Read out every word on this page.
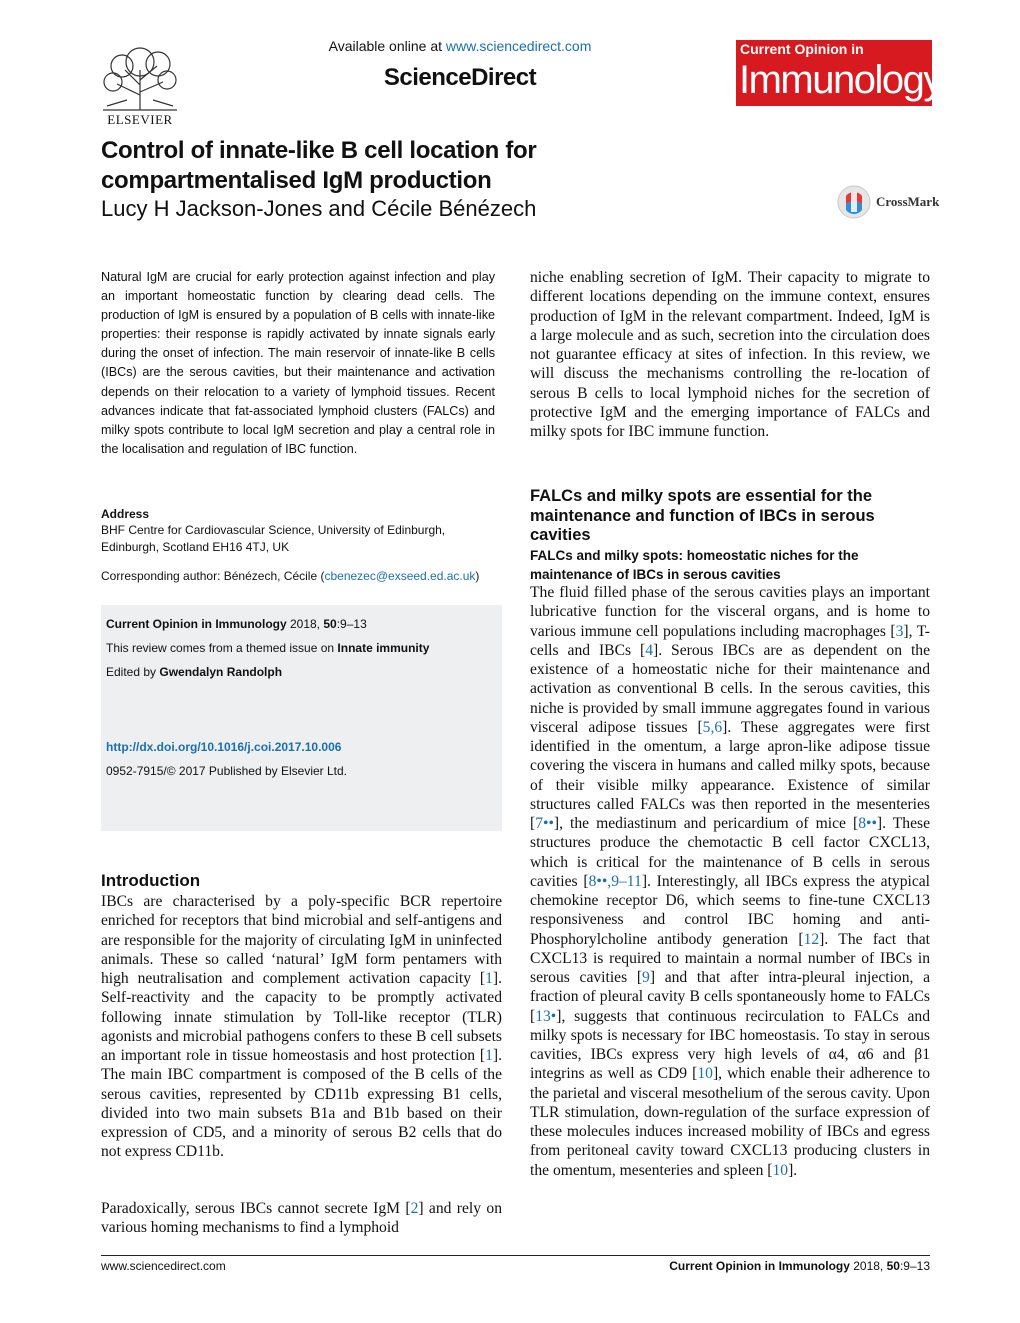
ELSEVIER
Available online at www.sciencedirect.com
ScienceDirect
Current Opinion in
Immunology
Control of innate-like B cell location for compartmentalised IgM production
Lucy H Jackson-Jones and Cécile Bénézech	CrossMark
Natural IgM are crucial for early protection against infection and play an important homeostatic function by clearing dead cells. The production of IgM is ensured by a population of B cells with innate-like properties: their response is rapidly activated by innate signals early during the onset of infection. The main reservoir of innate-like B cells (IBCs) are the serous cavities, but their maintenance and activation depends on their relocation to a variety of lymphoid tissues. Recent advances indicate that fat-associated lymphoid clusters (FALCs) and milky spots contribute to local IgM secretion and play a central role in the localisation and regulation of IBC function.
Address
BHF Centre for Cardiovascular Science, University of Edinburgh,
Edinburgh, Scotland EH16 4TJ, UK
Corresponding author: Bénézech, Cécile (cbenezec@exseed.ed.ac.uk)
Current Opinion in Immunology 2018, 50:9–13
This review comes from a themed issue on Innate immunity
Edited by Gwendalyn Randolph
http://dx.doi.org/10.1016/j.coi.2017.10.006
0952-7915/© 2017 Published by Elsevier Ltd.
Introduction
IBCs are characterised by a poly-specific BCR repertoire enriched for receptors that bind microbial and self-antigens and are responsible for the majority of circulating IgM in uninfected animals. These so called ‘natural’ IgM form pentamers with high neutralisation and complement activation capacity [1]. Self-reactivity and the capacity to be promptly activated following innate stimulation by Toll-like receptor (TLR) agonists and microbial pathogens confers to these B cell subsets an important role in tissue homeostasis and host protection [1]. The main IBC compartment is composed of the B cells of the serous cavities, represented by CD11b expressing B1 cells, divided into two main subsets B1a and B1b based on their expression of CD5, and a minority of serous B2 cells that do not express CD11b.
Paradoxically, serous IBCs cannot secrete IgM [2] and rely on various homing mechanisms to find a lymphoid
niche enabling secretion of IgM. Their capacity to migrate to different locations depending on the immune context, ensures production of IgM in the relevant compartment. Indeed, IgM is a large molecule and as such, secretion into the circulation does not guarantee efficacy at sites of infection. In this review, we will discuss the mechanisms controlling the re-location of serous B cells to local lymphoid niches for the secretion of protective IgM and the emerging importance of FALCs and milky spots for IBC immune function.
FALCs and milky spots are essential for the maintenance and function of IBCs in serous cavities
FALCs and milky spots: homeostatic niches for the maintenance of IBCs in serous cavities
The fluid filled phase of the serous cavities plays an important lubricative function for the visceral organs, and is home to various immune cell populations including macrophages [3], T-cells and IBCs [4]. Serous IBCs are as dependent on the existence of a homeostatic niche for their maintenance and activation as conventional B cells. In the serous cavities, this niche is provided by small immune aggregates found in various visceral adipose tissues [5,6]. These aggregates were first identified in the omentum, a large apron-like adipose tissue covering the viscera in humans and called milky spots, because of their visible milky appearance. Existence of similar structures called FALCs was then reported in the mesenteries [7••], the mediastinum and pericardium of mice [8••]. These structures produce the chemotactic B cell factor CXCL13, which is critical for the maintenance of B cells in serous cavities [8••,9–11]. Interestingly, all IBCs express the atypical chemokine receptor D6, which seems to fine-tune CXCL13 responsiveness and control IBC homing and anti-Phosphorylcholine antibody generation [12]. The fact that CXCL13 is required to maintain a normal number of IBCs in serous cavities [9] and that after intra-pleural injection, a fraction of pleural cavity B cells spontaneously home to FALCs [13•], suggests that continuous recirculation to FALCs and milky spots is necessary for IBC homeostasis. To stay in serous cavities, IBCs express very high levels of α4, α6 and β1 integrins as well as CD9 [10], which enable their adherence to the parietal and visceral mesothelium of the serous cavity. Upon TLR stimulation, down-regulation of the surface expression of these molecules induces increased mobility of IBCs and egress from peritoneal cavity toward CXCL13 producing clusters in the omentum, mesenteries and spleen [10].
www.sciencedirect.com	Current Opinion in Immunology 2018, 50:9–13
